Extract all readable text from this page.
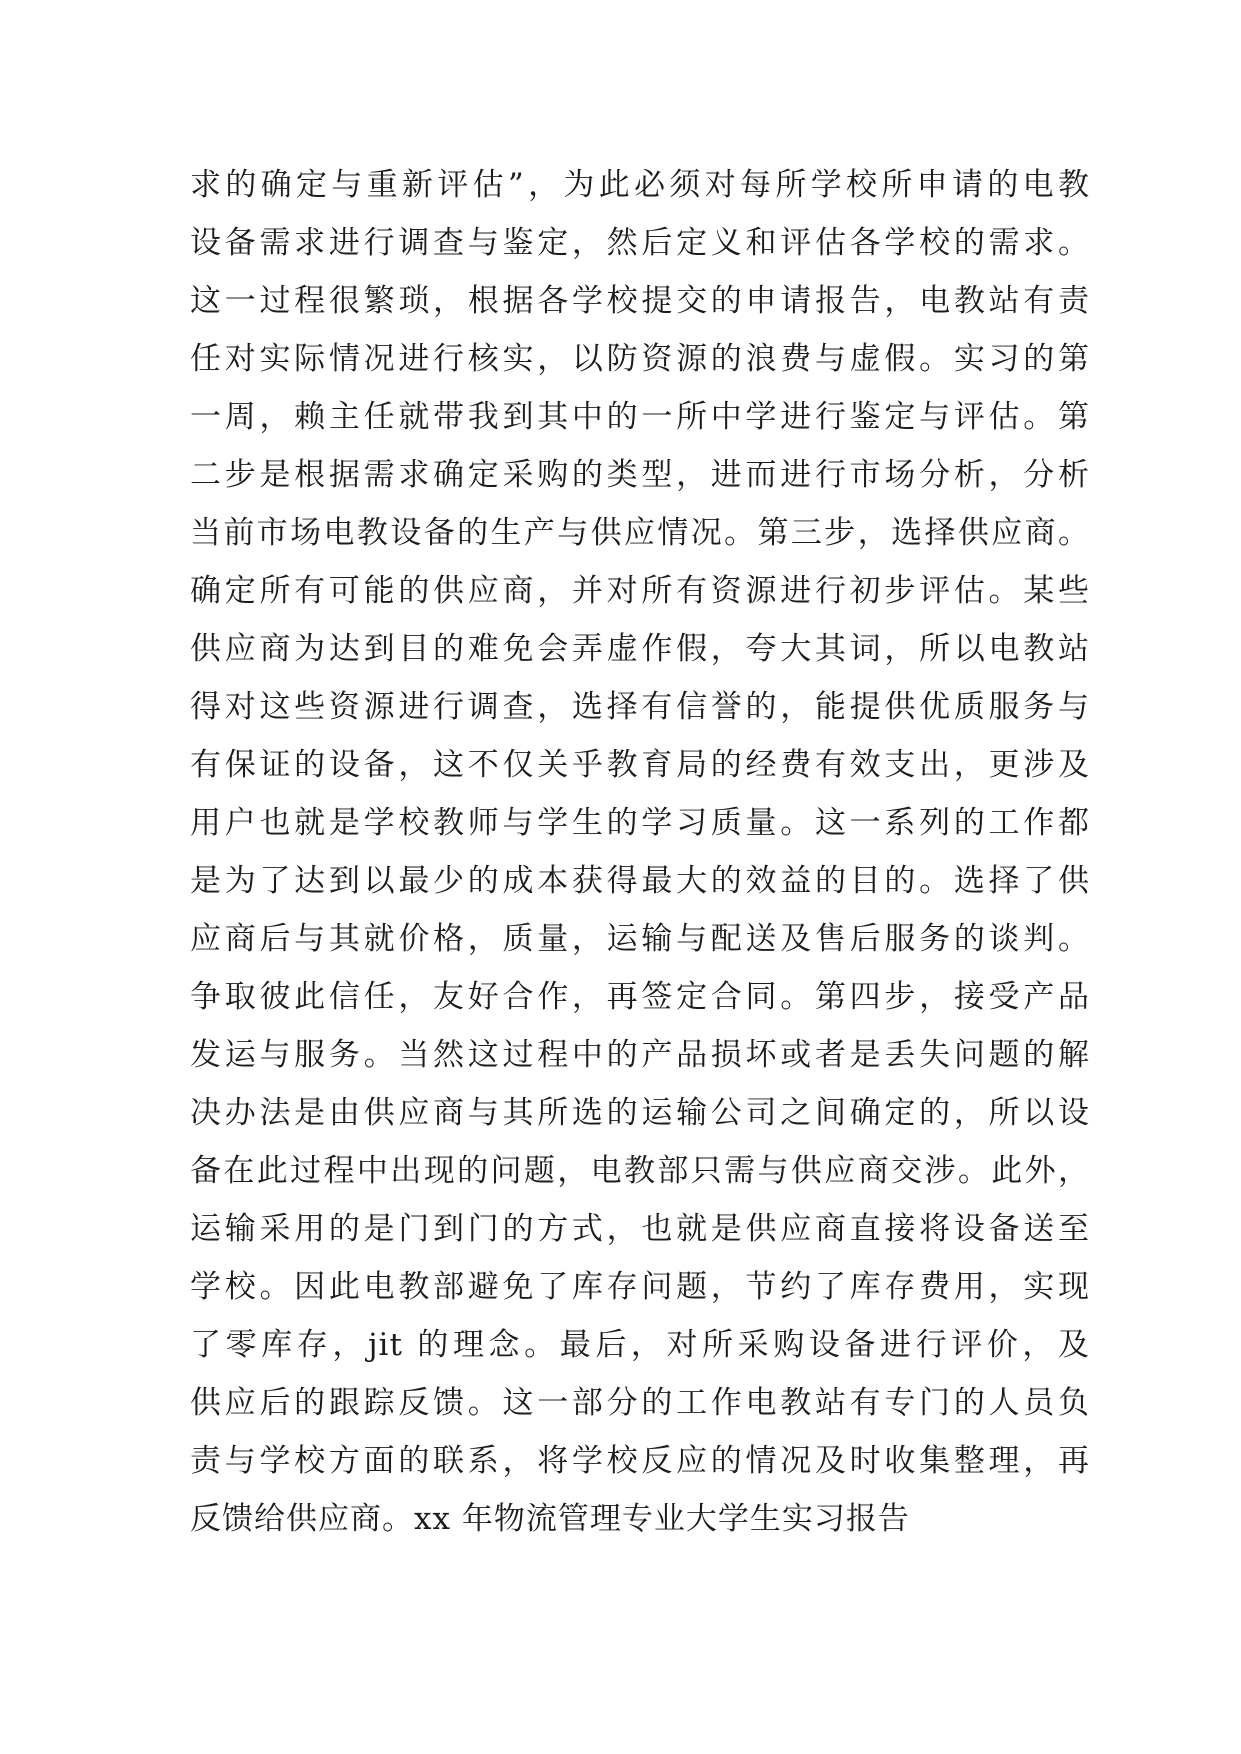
求的确定与重新评估”，为此必须对每所学校所申请的电教
设备需求进行调查与鉴定，然后定义和评估各学校的需求。
这一过程很繁琐，根据各学校提交的申请报告，电教站有责
任对实际情况进行核实，以防资源的浪费与虚假。实习的第
一周，赖主任就带我到其中的一所中学进行鉴定与评估。第
二步是根据需求确定采购的类型，进而进行市场分析，分析
当前市场电教设备的生产与供应情况。第三步，选择供应商。
确定所有可能的供应商，并对所有资源进行初步评估。某些
供应商为达到目的难免会弄虚作假，夸大其词，所以电教站
得对这些资源进行调查，选择有信誉的，能提供优质服务与
有保证的设备，这不仅关乎教育局的经费有效支出，更涉及
用户也就是学校教师与学生的学习质量。这一系列的工作都
是为了达到以最少的成本获得最大的效益的目的。选择了供
应商后与其就价格，质量，运输与配送及售后服务的谈判。
争取彼此信任，友好合作，再签定合同。第四步，接受产品
发运与服务。当然这过程中的产品损坏或者是丢失问题的解
决办法是由供应商与其所选的运输公司之间确定的，所以设
备在此过程中出现的问题，电教部只需与供应商交涉。此外，
运输采用的是门到门的方式，也就是供应商直接将设备送至
学校。因此电教部避免了库存问题，节约了库存费用，实现
了零库存，jit 的理念。最后，对所采购设备进行评价，及
供应后的跟踪反馈。这一部分的工作电教站有专门的人员负
责与学校方面的联系，将学校反应的情况及时收集整理，再
反馈给供应商。xx 年物流管理专业大学生实习报告
